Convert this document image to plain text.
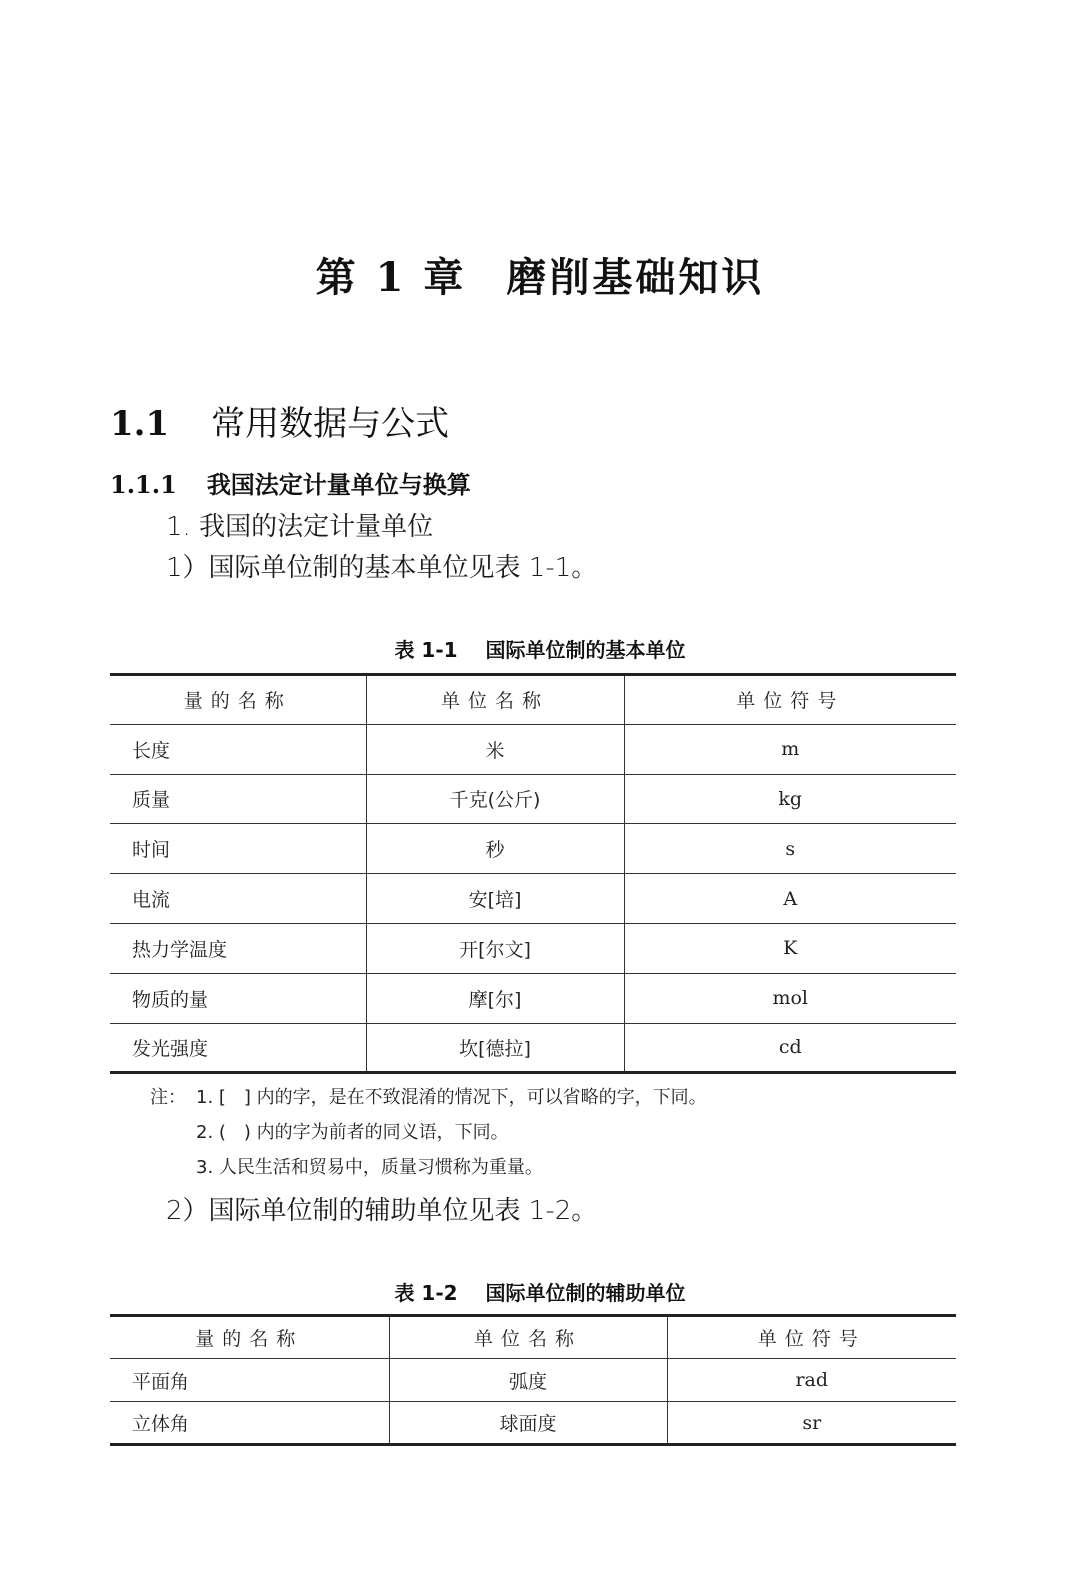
第 1 章 磨削基础知识
1.1 常用数据与公式
1.1.1 我国法定计量单位与换算
1. 我国的法定计量单位
1）国际单位制的基本单位见表 1-1。
表 1-1 国际单位制的基本单位
量的名称	单位名称	单位符号
长度	米	m
质量	千克(公斤)	kg
时间	秒	s
电流	安[培]	A
热力学温度	开[尔文]	K
物质的量	摩[尔]	mol
发光强度	坎[德拉]	cd
注： 1. [　] 内的字，是在不致混淆的情况下，可以省略的字，下同。
2. (　) 内的字为前者的同义语，下同。
3. 人民生活和贸易中，质量习惯称为重量。
2）国际单位制的辅助单位见表 1-2。
表 1-2 国际单位制的辅助单位
量的名称	单位名称	单位符号
平面角	弧度	rad
立体角	球面度	sr
